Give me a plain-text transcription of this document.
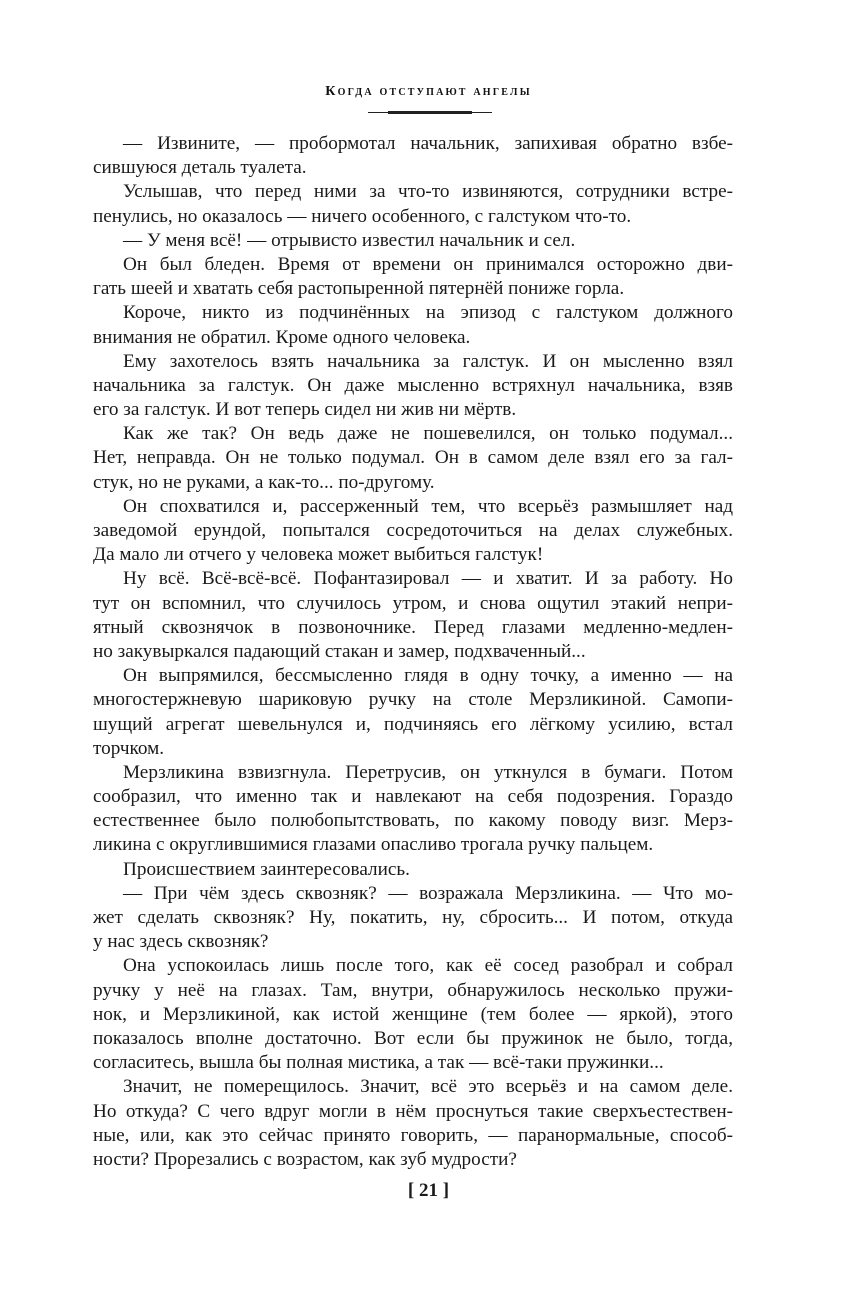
Когда отступают ангелы
— Извините, — пробормотал начальник, запихивая обратно взбе-
сившуюся деталь туалета.
Услышав, что перед ними за что-то извиняются, сотрудники встре-
пенулись, но оказалось — ничего особенного, с галстуком что-то.
— У меня всё! — отрывисто известил начальник и сел.
Он был бледен. Время от времени он принимался осторожно дви-
гать шеей и хватать себя растопыренной пятернёй пониже горла.
Короче, никто из подчинённых на эпизод с галстуком должного
внимания не обратил. Кроме одного человека.
Ему захотелось взять начальника за галстук. И он мысленно взял
начальника за галстук. Он даже мысленно встряхнул начальника, взяв
его за галстук. И вот теперь сидел ни жив ни мёртв.
Как же так? Он ведь даже не пошевелился, он только подумал...
Нет, неправда. Он не только подумал. Он в самом деле взял его за гал-
стук, но не руками, а как-то... по-другому.
Он спохватился и, рассерженный тем, что всерьёз размышляет над
заведомой ерундой, попытался сосредоточиться на делах служебных.
Да мало ли отчего у человека может выбиться галстук!
Ну всё. Всё-всё-всё. Пофантазировал — и хватит. И за работу. Но
тут он вспомнил, что случилось утром, и снова ощутил этакий непри-
ятный сквознячок в позвоночнике. Перед глазами медленно-медлен-
но закувыркался падающий стакан и замер, подхваченный...
Он выпрямился, бессмысленно глядя в одну точку, а именно — на
многостержневую шариковую ручку на столе Мерзликиной. Самопи-
шущий агрегат шевельнулся и, подчиняясь его лёгкому усилию, встал
торчком.
Мерзликина взвизгнула. Перетрусив, он уткнулся в бумаги. Потом
сообразил, что именно так и навлекают на себя подозрения. Гораздо
естественнее было полюбопытствовать, по какому поводу визг. Мерз-
ликина с округлившимися глазами опасливо трогала ручку пальцем.
Происшествием заинтересовались.
— При чём здесь сквозняк? — возражала Мерзликина. — Что мо-
жет сделать сквозняк? Ну, покатить, ну, сбросить... И потом, откуда
у нас здесь сквозняк?
Она успокоилась лишь после того, как её сосед разобрал и собрал
ручку у неё на глазах. Там, внутри, обнаружилось несколько пружи-
нок, и Мерзликиной, как истой женщине (тем более — яркой), этого
показалось вполне достаточно. Вот если бы пружинок не было, тогда,
согласитесь, вышла бы полная мистика, а так — всё-таки пружинки...
Значит, не померещилось. Значит, всё это всерьёз и на самом деле.
Но откуда? С чего вдруг могли в нём проснуться такие сверхъестествен-
ные, или, как это сейчас принято говорить, — паранормальные, способ-
ности? Прорезались с возрастом, как зуб мудрости?
[ 21 ]
